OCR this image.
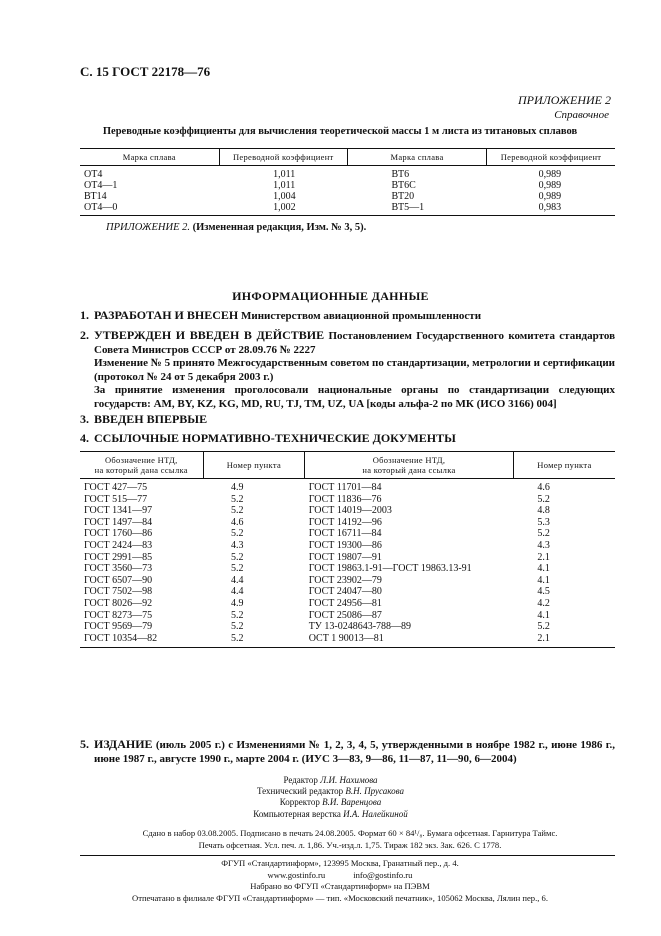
С. 15 ГОСТ 22178—76
ПРИЛОЖЕНИЕ 2
Справочное
Переводные коэффициенты для вычисления теоретической массы 1 м листа из титановых сплавов
Марка сплава	Переводной коэффициент	Марка сплава	Переводной коэффициент
ОТ4	1,011	ВТ6	0,989
ОТ4—1	1,011	ВТ6С	0,989
ВТ14	1,004	ВТ20	0,989
ОТ4—0	1,002	ВТ5—1	0,983
ПРИЛОЖЕНИЕ 2. (Измененная редакция, Изм. № 3, 5).
ИНФОРМАЦИОННЫЕ ДАННЫЕ
1. РАЗРАБОТАН И ВНЕСЕН Министерством авиационной промышленности
2. УТВЕРЖДЕН И ВВЕДЕН В ДЕЙСТВИЕ Постановлением Государственного комитета стандартов Совета Министров СССР от 28.09.76 № 2227
Изменение № 5 принято Межгосударственным советом по стандартизации, метрологии и сертификации (протокол № 24 от 5 декабря 2003 г.)
За принятие изменения проголосовали национальные органы по стандартизации следующих государств: AM, BY, KZ, KG, MD, RU, TJ, TM, UZ, UA [коды альфа-2 по МК (ИСО 3166) 004]
3. ВВЕДЕН ВПЕРВЫЕ
4. ССЫЛОЧНЫЕ НОРМАТИВНО-ТЕХНИЧЕСКИЕ ДОКУМЕНТЫ
Обозначение НТД,
на который дана ссылка	Номер пункта	Обозначение НТД,
на который дана ссылка	Номер пункта
ГОСТ 427—75	4.9	ГОСТ 11701—84	4.6
ГОСТ 515—77	5.2	ГОСТ 11836—76	5.2
ГОСТ 1341—97	5.2	ГОСТ 14019—2003	4.8
ГОСТ 1497—84	4.6	ГОСТ 14192—96	5.3
ГОСТ 1760—86	5.2	ГОСТ 16711—84	5.2
ГОСТ 2424—83	4.3	ГОСТ 19300—86	4.3
ГОСТ 2991—85	5.2	ГОСТ 19807—91	2.1
ГОСТ 3560—73	5.2	ГОСТ 19863.1-91—ГОСТ 19863.13-91	4.1
ГОСТ 6507—90	4.4	ГОСТ 23902—79	4.1
ГОСТ 7502—98	4.4	ГОСТ 24047—80	4.5
ГОСТ 8026—92	4.9	ГОСТ 24956—81	4.2
ГОСТ 8273—75	5.2	ГОСТ 25086—87	4.1
ГОСТ 9569—79	5.2	ТУ 13-0248643-788—89	5.2
ГОСТ 10354—82	5.2	ОСТ 1 90013—81	2.1
5. ИЗДАНИЕ (июль 2005 г.) с Изменениями № 1, 2, 3, 4, 5, утвержденными в ноябре 1982 г., июне 1986 г., июне 1987 г., августе 1990 г., марте 2004 г. (ИУС 3—83, 9—86, 11—87, 11—90, 6—2004)
Редактор Л.И. Нахимова
Технический редактор В.Н. Прусакова
Корректор В.И. Варенцова
Компьютерная верстка И.А. Налейкиной
Сдано в набор 03.08.2005. Подписано в печать 24.08.2005. Формат 60 × 84¹/₈. Бумага офсетная. Гарнитура Таймс.
Печать офсетная. Усл. печ. л. 1,86. Уч.-изд.л. 1,75. Тираж 182 экз. Зак. 626. С 1778.
ФГУП «Стандартинформ», 123995 Москва, Гранатный пер., д. 4.
www.gostinfo.ru	info@gostinfo.ru
Набрано во ФГУП «Стандартинформ» на ПЭВМ
Отпечатано в филиале ФГУП «Стандартинформ» — тип. «Московский печатник», 105062 Москва, Лялин пер., 6.
